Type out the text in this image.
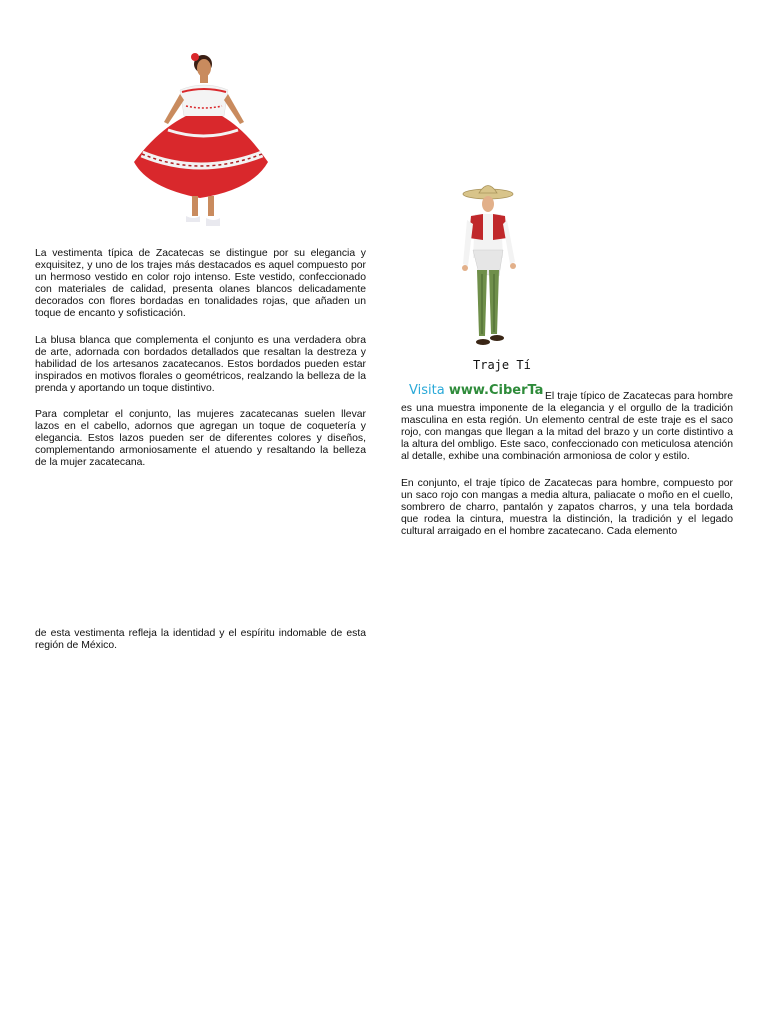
Traje Tí
Visita www.CiberTa

La vestimenta típica de Zacatecas se distingue por su elegancia y exquisitez, y uno de los trajes más destacados es aquel compuesto por un hermoso vestido en color rojo intenso. Este vestido, confeccionado con materiales de calidad, presenta olanes blancos delicadamente decorados con flores bordadas en tonalidades rojas, que añaden un toque de encanto y sofisticación.

La blusa blanca que complementa el conjunto es una verdadera obra de arte, adornada con bordados detallados que resaltan la destreza y habilidad de los artesanos zacatecanos. Estos bordados pueden estar inspirados en motivos florales o geométricos, realzando la belleza de la prenda y aportando un toque distintivo.

Para completar el conjunto, las mujeres zacatecanas suelen llevar lazos en el cabello, adornos que agregan un toque de coquetería y elegancia. Estos lazos pueden ser de diferentes colores y diseños, complementando armoniosamente el atuendo y resaltando la belleza de la mujer zacatecana.

de esta vestimenta refleja la identidad y el espíritu indomable de esta región de México.

El traje típico de Zacatecas para hombre es una muestra imponente de la elegancia y el orgullo de la tradición masculina en esta región. Un elemento central de este traje es el saco rojo, con mangas que llegan a la mitad del brazo y un corte distintivo a la altura del ombligo. Este saco, confeccionado con meticulosa atención al detalle, exhibe una combinación armoniosa de color y estilo.

En conjunto, el traje típico de Zacatecas para hombre, compuesto por un saco rojo con mangas a media altura, paliacate o moño en el cuello, sombrero de charro, pantalón y zapatos charros, y una tela bordada que rodea la cintura, muestra la distinción, la tradición y el legado cultural arraigado en el hombre zacatecano. Cada elemento
